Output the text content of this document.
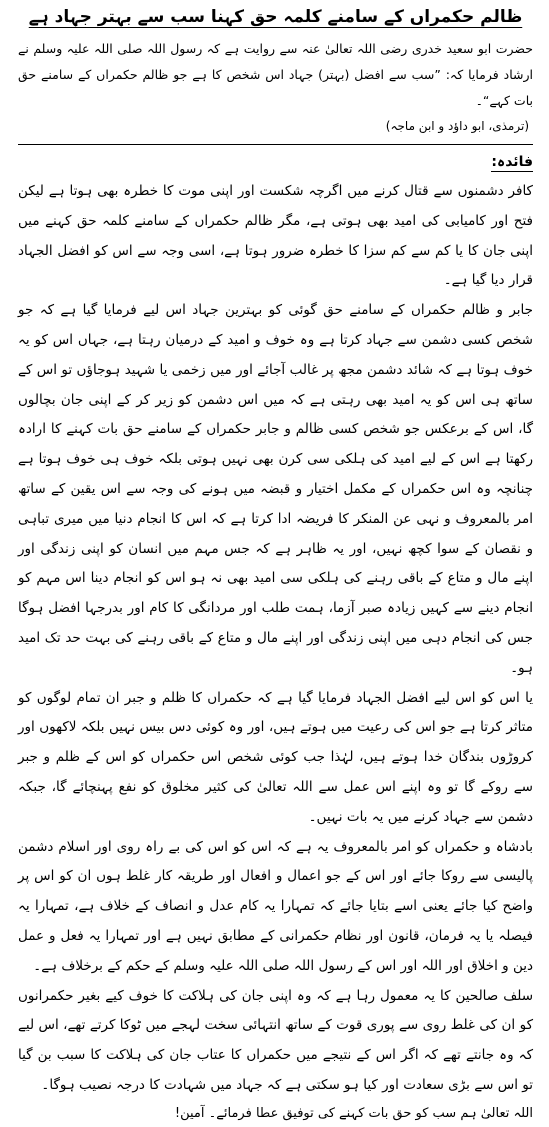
ظالم حکمراں کے سامنے کلمہ حق کہنا سب سے بہتر جہاد ہے

حضرت ابو سعید خدری رضی اللہ تعالیٰ عنہ سے روایت ہے کہ رسول اللہ صلی اللہ علیہ وسلم نے ارشاد فرمایا کہ: ”سب سے افضل (بہتر) جہاد اس شخص کا ہے جو ظالم حکمراں کے سامنے حق بات کہے“۔

(ترمذی، ابو داؤد و ابن ماجہ)
فائدہ:

کافر دشمنوں سے قتال کرنے میں اگرچہ شکست اور اپنی موت کا خطرہ بھی ہوتا ہے لیکن فتح اور کامیابی کی امید بھی ہوتی ہے، مگر ظالم حکمراں کے سامنے کلمہ حق کہنے میں اپنی جان کا یا کم سے کم سزا کا خطرہ ضرور ہوتا ہے، اسی وجہ سے اس کو افضل الجہاد قرار دیا گیا ہے۔

جابر و ظالم حکمراں کے سامنے حق گوئی کو بہترین جہاد اس لیے فرمایا گیا ہے کہ جو شخص کسی دشمن سے جہاد کرتا ہے وہ خوف و امید کے درمیان رہتا ہے، جہاں اس کو یہ خوف ہوتا ہے کہ شائد دشمن مجھ پر غالب آجائے اور میں زخمی یا شہید ہوجاؤں تو اس کے ساتھ ہی اس کو یہ امید بھی رہتی ہے کہ میں اس دشمن کو زیر کر کے اپنی جان بچالوں گا، اس کے برعکس جو شخص کسی ظالم و جابر حکمراں کے سامنے حق بات کہنے کا ارادہ رکھتا ہے اس کے لیے امید کی ہلکی سی کرن بھی نہیں ہوتی بلکہ خوف ہی خوف ہوتا ہے چنانچہ وہ اس حکمراں کے مکمل اختیار و قبضہ میں ہونے کی وجہ سے اس یقین کے ساتھ امر بالمعروف و نہی عن المنکر کا فریضہ ادا کرتا ہے کہ اس کا انجام دنیا میں میری تباہی و نقصان کے سوا کچھ نہیں، اور یہ ظاہر ہے کہ جس مہم میں انسان کو اپنی زندگی اور اپنے مال و متاع کے باقی رہنے کی ہلکی سی امید بھی نہ ہو اس کو انجام دینا اس مہم کو انجام دینے سے کہیں زیادہ صبر آزما، ہمت طلب اور مردانگی کا کام اور بدرجہا افضل ہوگا جس کی انجام دہی میں اپنی زندگی اور اپنے مال و متاع کے باقی رہنے کی بہت حد تک امید ہو۔

یا اس کو اس لیے افضل الجہاد فرمایا گیا ہے کہ حکمراں کا ظلم و جبر ان تمام لوگوں کو متاثر کرتا ہے جو اس کی رعیت میں ہوتے ہیں، اور وہ کوئی دس بیس نہیں بلکہ لاکھوں اور کروڑوں بندگان خدا ہوتے ہیں، لہٰذا جب کوئی شخص اس حکمراں کو اس کے ظلم و جبر سے روکے گا تو وہ اپنے اس عمل سے اللہ تعالیٰ کی کثیر مخلوق کو نفع پہنچائے گا، جبکہ دشمن سے جہاد کرنے میں یہ بات نہیں۔

بادشاہ و حکمراں کو امر بالمعروف یہ ہے کہ اس کو اس کی بے راہ روی اور اسلام دشمن پالیسی سے روکا جائے اور اس کے جو اعمال و افعال اور طریقہ کار غلط ہوں ان کو اس پر واضح کیا جائے یعنی اسے بتایا جائے کہ تمہارا یہ کام عدل و انصاف کے خلاف ہے، تمہارا یہ فیصلہ یا یہ فرمان، قانون اور نظام حکمرانی کے مطابق نہیں ہے اور تمہارا یہ فعل و عمل دین و اخلاق اور اللہ اور اس کے رسول اللہ صلی اللہ علیہ وسلم کے حکم کے برخلاف ہے۔

سلف صالحین کا یہ معمول رہا ہے کہ وہ اپنی جان کی ہلاکت کا خوف کیے بغیر حکمرانوں کو ان کی غلط روی سے پوری قوت کے ساتھ انتہائی سخت لہجے میں ٹوکا کرتے تھے، اس لیے کہ وہ جانتے تھے کہ اگر اس کے نتیجے میں حکمراں کا عتاب جان کی ہلاکت کا سبب بن گیا تو اس سے بڑی سعادت اور کیا ہو سکتی ہے کہ جہاد میں شہادت کا درجہ نصیب ہوگا۔

اللہ تعالیٰ ہم سب کو حق بات کہنے کی توفیق عطا فرمائے۔ آمین!
